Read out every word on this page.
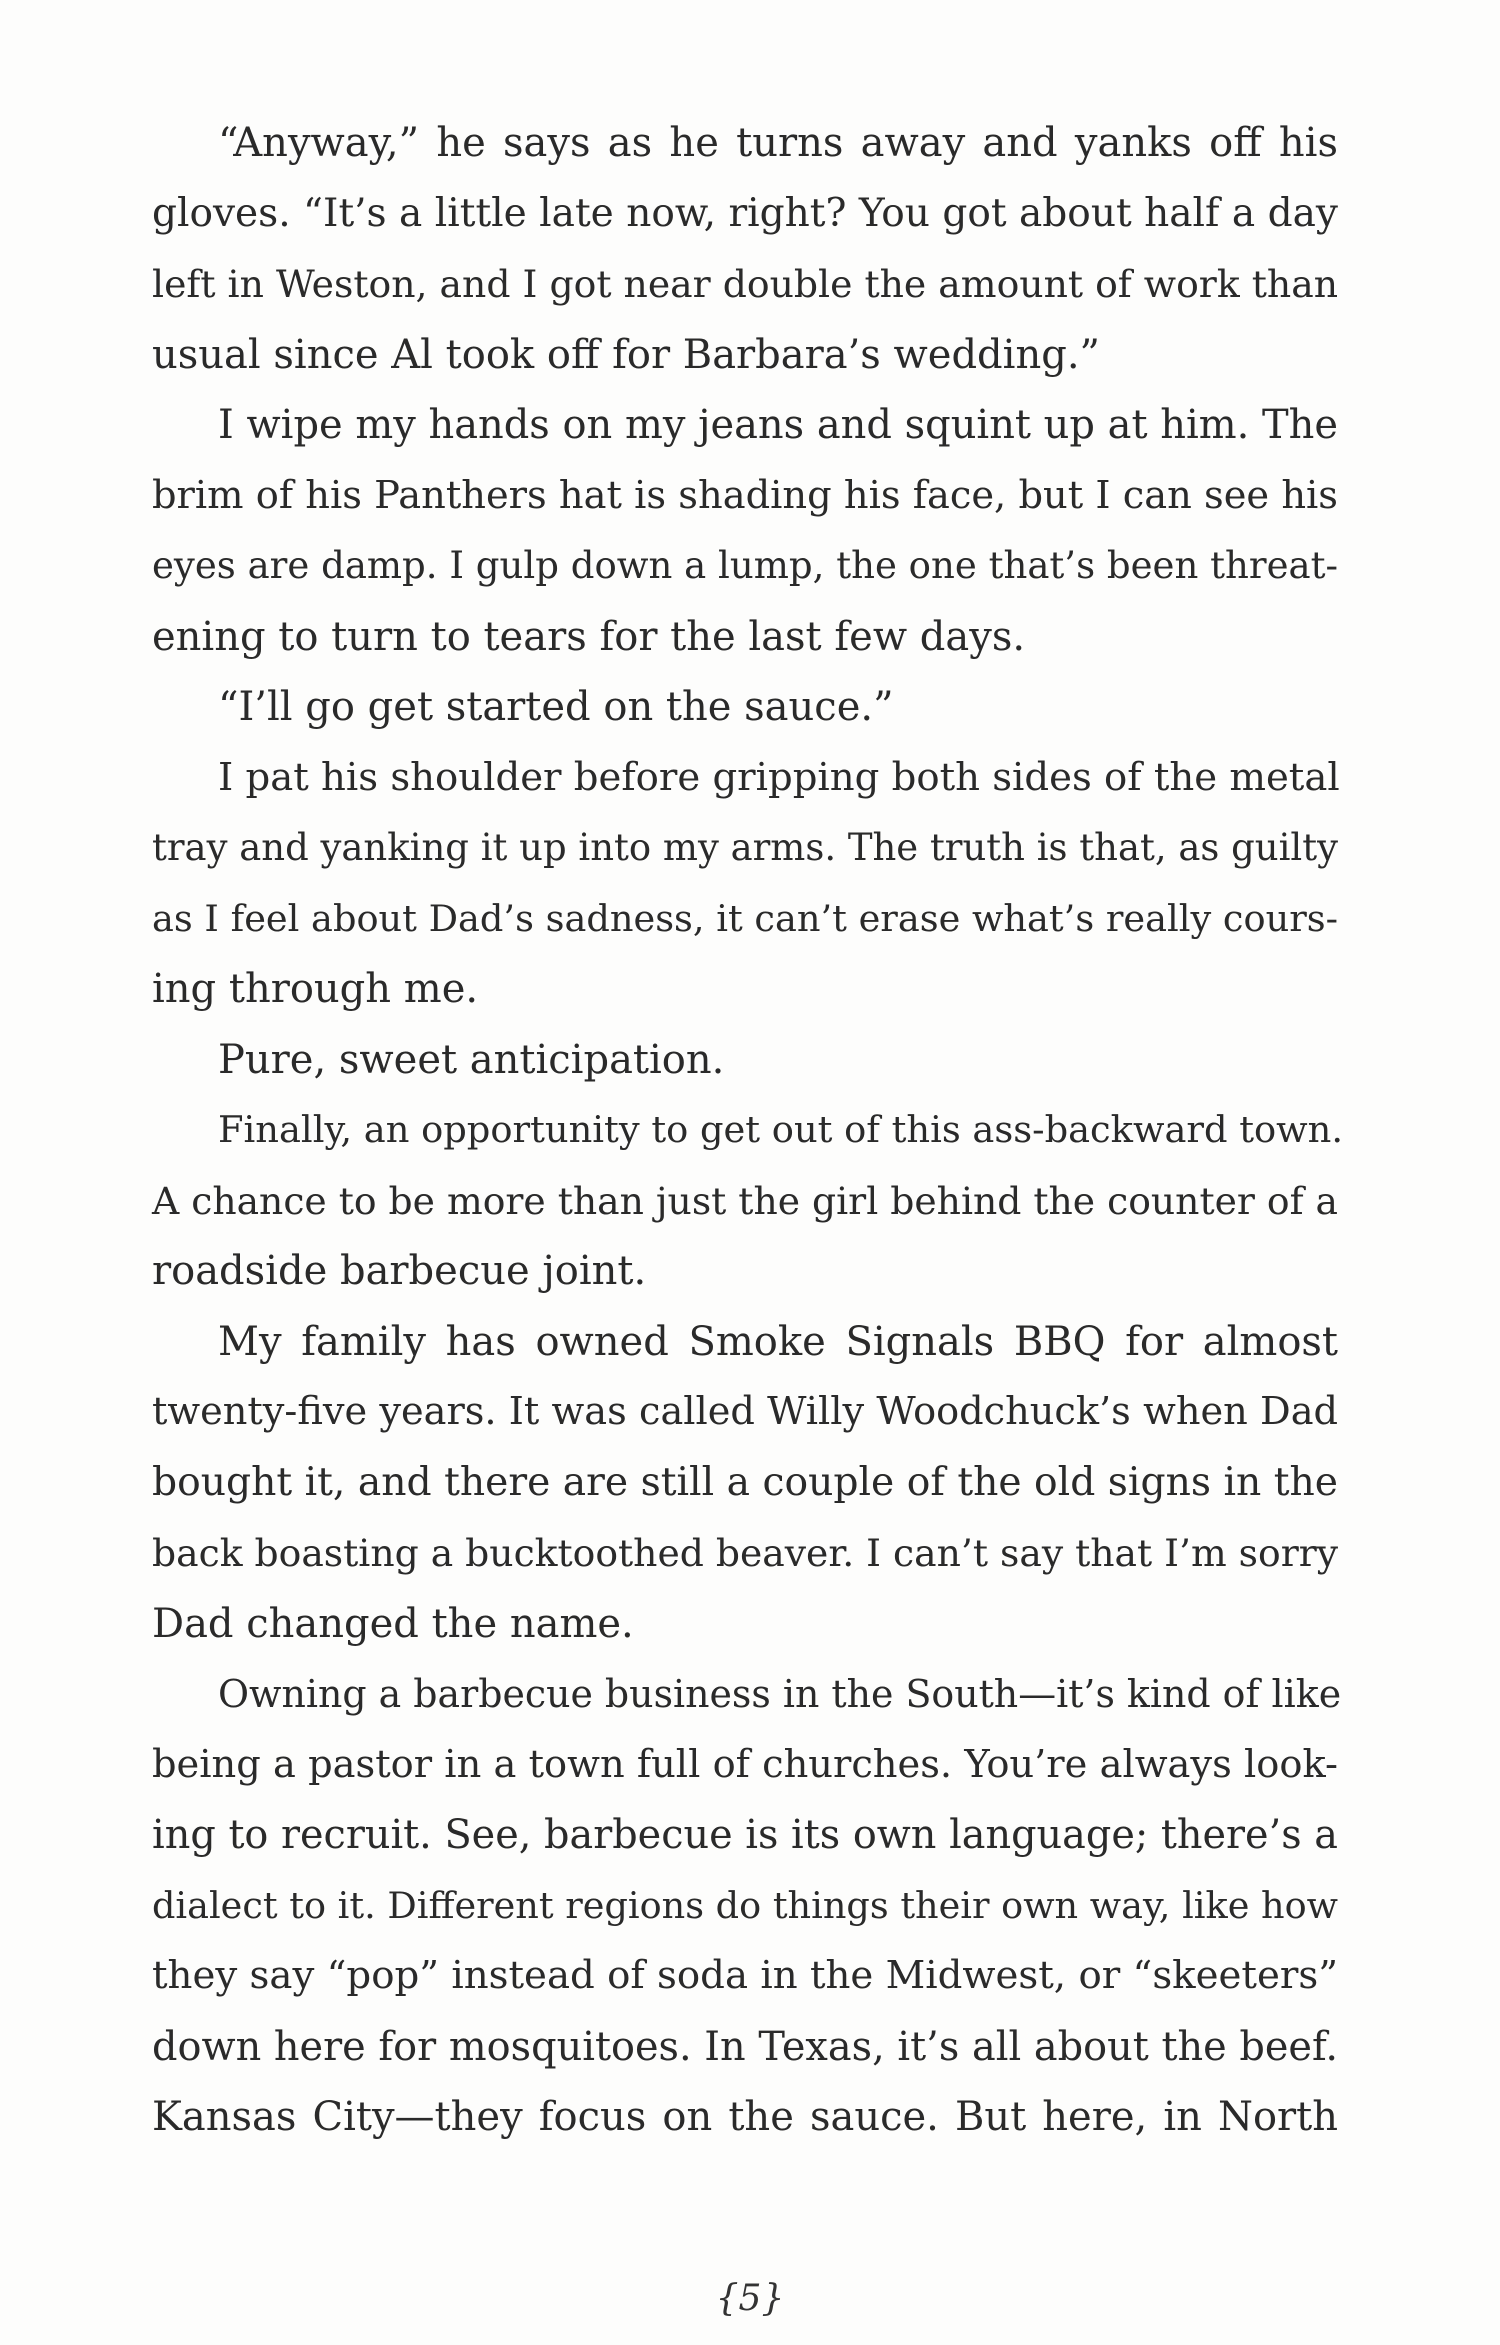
“Anyway,” he says as he turns away and yanks off his
gloves. “It’s a little late now, right? You got about half a day
left in Weston, and I got near double the amount of work than
usual since Al took off for Barbara’s wedding.”
I wipe my hands on my jeans and squint up at him. The
brim of his Panthers hat is shading his face, but I can see his
eyes are damp. I gulp down a lump, the one that’s been threat-
ening to turn to tears for the last few days.
“I’ll go get started on the sauce.”
I pat his shoulder before gripping both sides of the metal
tray and yanking it up into my arms. The truth is that, as guilty
as I feel about Dad’s sadness, it can’t erase what’s really cours-
ing through me.
Pure, sweet anticipation.
Finally, an opportunity to get out of this ass-backward town.
A chance to be more than just the girl behind the counter of a
roadside barbecue joint.
My family has owned Smoke Signals BBQ for almost
twenty-five years. It was called Willy Woodchuck’s when Dad
bought it, and there are still a couple of the old signs in the
back boasting a bucktoothed beaver. I can’t say that I’m sorry
Dad changed the name.
Owning a barbecue business in the South—it’s kind of like
being a pastor in a town full of churches. You’re always look-
ing to recruit. See, barbecue is its own language; there’s a
dialect to it. Different regions do things their own way, like how
they say “pop” instead of soda in the Midwest, or “skeeters”
down here for mosquitoes. In Texas, it’s all about the beef.
Kansas City—they focus on the sauce. But here, in North
{5}
